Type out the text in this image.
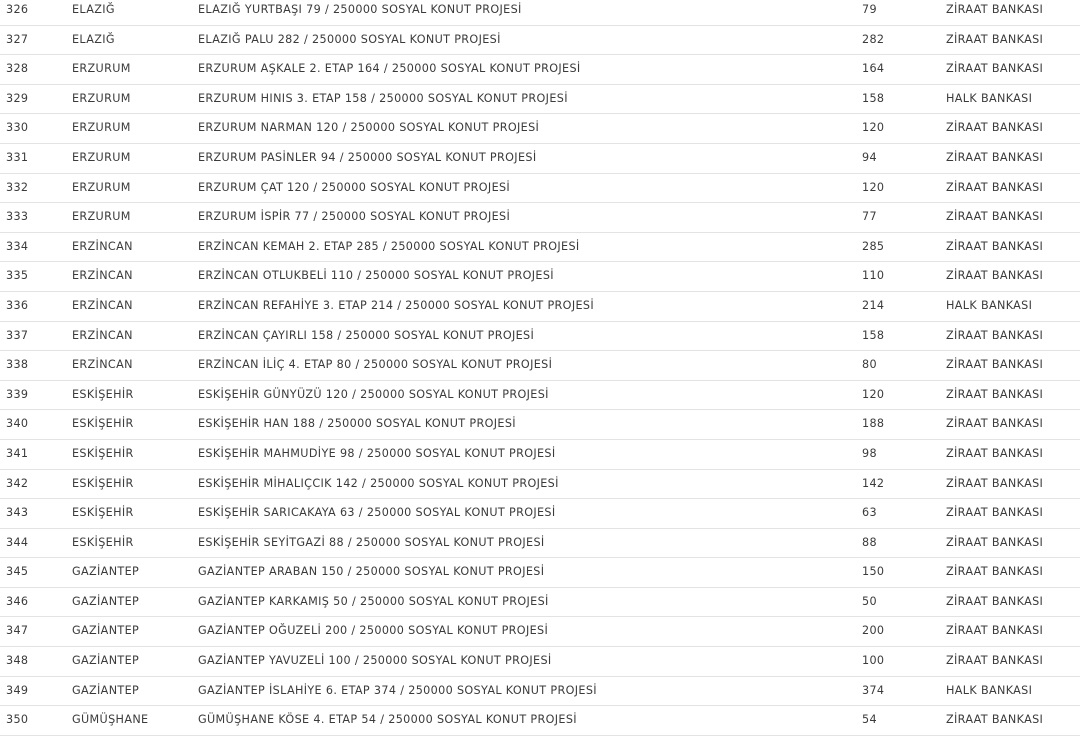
326	ELAZIĞ	ELAZIĞ YURTBAŞI 79 / 250000 SOSYAL KONUT PROJESİ	79	ZİRAAT BANKASI
327	ELAZIĞ	ELAZIĞ PALU 282 / 250000 SOSYAL KONUT PROJESİ	282	ZİRAAT BANKASI
328	ERZURUM	ERZURUM AŞKALE 2. ETAP 164 / 250000 SOSYAL KONUT PROJESİ	164	ZİRAAT BANKASI
329	ERZURUM	ERZURUM HINIS 3. ETAP 158 / 250000 SOSYAL KONUT PROJESİ	158	HALK BANKASI
330	ERZURUM	ERZURUM NARMAN 120 / 250000 SOSYAL KONUT PROJESİ	120	ZİRAAT BANKASI
331	ERZURUM	ERZURUM PASİNLER 94 / 250000 SOSYAL KONUT PROJESİ	94	ZİRAAT BANKASI
332	ERZURUM	ERZURUM ÇAT 120 / 250000 SOSYAL KONUT PROJESİ	120	ZİRAAT BANKASI
333	ERZURUM	ERZURUM İSPİR 77 / 250000 SOSYAL KONUT PROJESİ	77	ZİRAAT BANKASI
334	ERZİNCAN	ERZİNCAN KEMAH 2. ETAP 285 / 250000 SOSYAL KONUT PROJESİ	285	ZİRAAT BANKASI
335	ERZİNCAN	ERZİNCAN OTLUKBELİ 110 / 250000 SOSYAL KONUT PROJESİ	110	ZİRAAT BANKASI
336	ERZİNCAN	ERZİNCAN REFAHİYE 3. ETAP 214 / 250000 SOSYAL KONUT PROJESİ	214	HALK BANKASI
337	ERZİNCAN	ERZİNCAN ÇAYIRLI 158 / 250000 SOSYAL KONUT PROJESİ	158	ZİRAAT BANKASI
338	ERZİNCAN	ERZİNCAN İLİÇ 4. ETAP 80 / 250000 SOSYAL KONUT PROJESİ	80	ZİRAAT BANKASI
339	ESKİŞEHİR	ESKİŞEHİR GÜNYÜZÜ 120 / 250000 SOSYAL KONUT PROJESİ	120	ZİRAAT BANKASI
340	ESKİŞEHİR	ESKİŞEHİR HAN 188 / 250000 SOSYAL KONUT PROJESİ	188	ZİRAAT BANKASI
341	ESKİŞEHİR	ESKİŞEHİR MAHMUDİYE 98 / 250000 SOSYAL KONUT PROJESİ	98	ZİRAAT BANKASI
342	ESKİŞEHİR	ESKİŞEHİR MİHALIÇCIK 142 / 250000 SOSYAL KONUT PROJESİ	142	ZİRAAT BANKASI
343	ESKİŞEHİR	ESKİŞEHİR SARICAKAYA 63 / 250000 SOSYAL KONUT PROJESİ	63	ZİRAAT BANKASI
344	ESKİŞEHİR	ESKİŞEHİR SEYİTGAZİ 88 / 250000 SOSYAL KONUT PROJESİ	88	ZİRAAT BANKASI
345	GAZİANTEP	GAZİANTEP ARABAN 150 / 250000 SOSYAL KONUT PROJESİ	150	ZİRAAT BANKASI
346	GAZİANTEP	GAZİANTEP KARKAMIŞ 50 / 250000 SOSYAL KONUT PROJESİ	50	ZİRAAT BANKASI
347	GAZİANTEP	GAZİANTEP OĞUZELİ 200 / 250000 SOSYAL KONUT PROJESİ	200	ZİRAAT BANKASI
348	GAZİANTEP	GAZİANTEP YAVUZELİ 100 / 250000 SOSYAL KONUT PROJESİ	100	ZİRAAT BANKASI
349	GAZİANTEP	GAZİANTEP İSLAHİYE 6. ETAP 374 / 250000 SOSYAL KONUT PROJESİ	374	HALK BANKASI
350	GÜMÜŞHANE	GÜMÜŞHANE KÖSE 4. ETAP 54 / 250000 SOSYAL KONUT PROJESİ	54	ZİRAAT BANKASI
